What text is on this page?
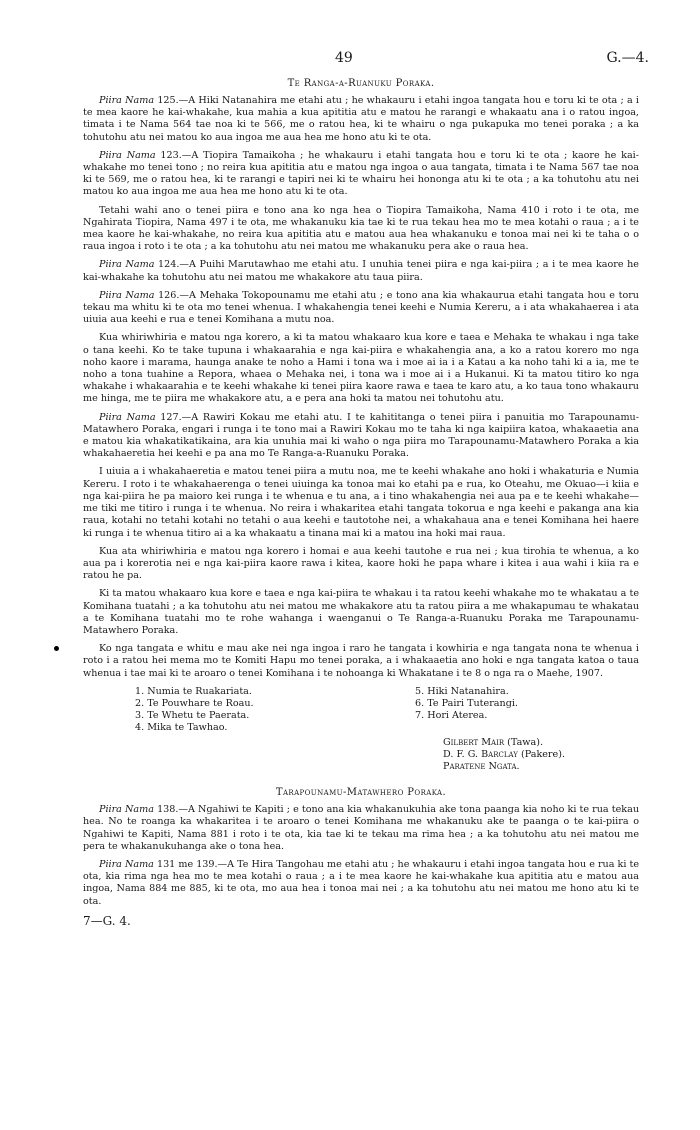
49	G.—4.
Te Ranga-a-Ruanuku Poraka.

Piira Nama 125.—A Hiki Natanahira me etahi atu ; he whakauru i etahi ingoa tangata hou e toru ki te ota ; a i te mea kaore he kai-whakahe, kua mahia a kua apititia atu e matou he rarangi e whakaatu ana i o ratou ingoa, timata i te Nama 564 tae noa ki te 566, me o ratou hea, ki te whairu o nga pukapuka mo tenei poraka ; a ka tohutohu atu nei matou ko aua ingoa me aua hea me hono atu ki te ota.

Piira Nama 123.—A Tiopira Tamaikoha ; he whakauru i etahi tangata hou e toru ki te ota ; kaore he kai-whakahe mo tenei tono ; no reira kua apititia atu e matou nga ingoa o aua tangata, timata i te Nama 567 tae noa ki te 569, me o ratou hea, ki te rarangi e tapiri nei ki te whairu hei hononga atu ki te ota ; a ka tohutohu atu nei matou ko aua ingoa me aua hea me hono atu ki te ota.

Tetahi wahi ano o tenei piira e tono ana ko nga hea o Tiopira Tamaikoha, Nama 410 i roto i te ota, me Ngahirata Tiopira, Nama 497 i te ota, me whakanuku kia tae ki te rua tekau hea mo te mea kotahi o raua ; a i te mea kaore he kai-whakahe, no reira kua apititia atu e matou aua hea whakanuku e tonoa mai nei ki te taha o o raua ingoa i roto i te ota ; a ka tohutohu atu nei matou me whakanuku pera ake o raua hea.

Piira Nama 124.—A Puihi Marutawhao me etahi atu. I unuhia tenei piira e nga kai-piira ; a i te mea kaore he kai-whakahe ka tohutohu atu nei matou me whakakore atu taua piira.

Piira Nama 126.—A Mehaka Tokopounamu me etahi atu ; e tono ana kia whakaurua etahi tangata hou e toru tekau ma whitu ki te ota mo tenei whenua. I whakahengia tenei keehi e Numia Kereru, a i ata whakahaerea i ata uiuia aua keehi e rua e tenei Komihana a mutu noa.

Kua whiriwhiria e matou nga korero, a ki ta matou whakaaro kua kore e taea e Mehaka te whakau i nga take o tana keehi. Ko te take tupuna i whakaarahia e nga kai-piira e whakahengia ana, a ko a ratou korero mo nga noho kaore i marama, haunga anake te noho a Hami i tona wa i moe ai ia i a Katau a ka noho tahi ki a ia, me te noho a tona tuahine a Repora, whaea o Mehaka nei, i tona wa i moe ai i a Hukanui. Ki ta matou titiro ko nga whakahe i whakaarahia e te keehi whakahe ki tenei piira kaore rawa e taea te karo atu, a ko taua tono whakauru me hinga, me te piira me whakakore atu, a e pera ana hoki ta matou nei tohutohu atu.

Piira Nama 127.—A Rawiri Kokau me etahi atu. I te kahititanga o tenei piira i panuitia mo Tarapounamu-Matawhero Poraka, engari i runga i te tono mai a Rawiri Kokau mo te taha ki nga kaipiira katoa, whakaaetia ana e matou kia whakatikatikaina, ara kia unuhia mai ki waho o nga piira mo Tarapounamu-Matawhero Poraka a kia whakahaeretia hei keehi e pa ana mo Te Ranga-a-Ruanuku Poraka.

I uiuia a i whakahaeretia e matou tenei piira a mutu noa, me te keehi whakahe ano hoki i whakaturia e Numia Kereru. I roto i te whakahaerenga o tenei uiuinga ka tonoa mai ko etahi pa e rua, ko Oteahu, me Okuao—i kiia e nga kai-piira he pa maioro kei runga i te whenua e tu ana, a i tino whakahengia nei aua pa e te keehi whakahe—me tiki me titiro i runga i te whenua. No reira i whakaritea etahi tangata tokorua e nga keehi e pakanga ana kia raua, kotahi no tetahi kotahi no tetahi o aua keehi e tautotohe nei, a whakahaua ana e tenei Komihana hei haere ki runga i te whenua titiro ai a ka whakaatu a tinana mai ki a matou ina hoki mai raua.

Kua ata whiriwhiria e matou nga korero i homai e aua keehi tautohe e rua nei ; kua tirohia te whenua, a ko aua pa i korerotia nei e nga kai-piira kaore rawa i kitea, kaore hoki he papa whare i kitea i aua wahi i kiia ra e ratou he pa.

Ki ta matou whakaaro kua kore e taea e nga kai-piira te whakau i ta ratou keehi whakahe mo te whakatau a te Komihana tuatahi ; a ka tohutohu atu nei matou me whakakore atu ta ratou piira a me whakapumau te whakatau a te Komihana tuatahi mo te rohe wahanga i waenganui o Te Ranga-a-Ruanuku Poraka me Tarapounamu-Matawhero Poraka.

Ko nga tangata e whitu e mau ake nei nga ingoa i raro he tangata i kowhiria e nga tangata nona te whenua i roto i a ratou hei mema mo te Komiti Hapu mo tenei poraka, a i whakaaetia ano hoki e nga tangata katoa o taua whenua i tae mai ki te aroaro o tenei Komihana i te nohoanga ki Whakatane i te 8 o nga ra o Maehe, 1907.

1. Numia te Ruakariata.
2. Te Pouwhare te Roau.
3. Te Whetu te Paerata.
4. Mika te Tawhao.
5. Hiki Natanahira.
6. Te Pairi Tuterangi.
7. Hori Aterea.
Gilbert Mair (Tawa).
D. F. G. Barclay (Pakere).
Paratene Ngata.
Tarapounamu-Matawhero Poraka.

Piira Nama 138.—A Ngahiwi te Kapiti ; e tono ana kia whakanukuhia ake tona paanga kia noho ki te rua tekau hea. No te roanga ka whakaritea i te aroaro o tenei Komihana me whakanuku ake te paanga o te kai-piira o Ngahiwi te Kapiti, Nama 881 i roto i te ota, kia tae ki te tekau ma rima hea ; a ka tohutohu atu nei matou me pera te whakanukuhanga ake o tona hea.

Piira Nama 131 me 139.—A Te Hira Tangohau me etahi atu ; he whakauru i etahi ingoa tangata hou e rua ki te ota, kia rima nga hea mo te mea kotahi o raua ; a i te mea kaore he kai-whakahe kua apititia atu e matou aua ingoa, Nama 884 me 885, ki te ota, mo aua hea i tonoa mai nei ; a ka tohutohu atu nei matou me hono atu ki te ota.

7—G. 4.
